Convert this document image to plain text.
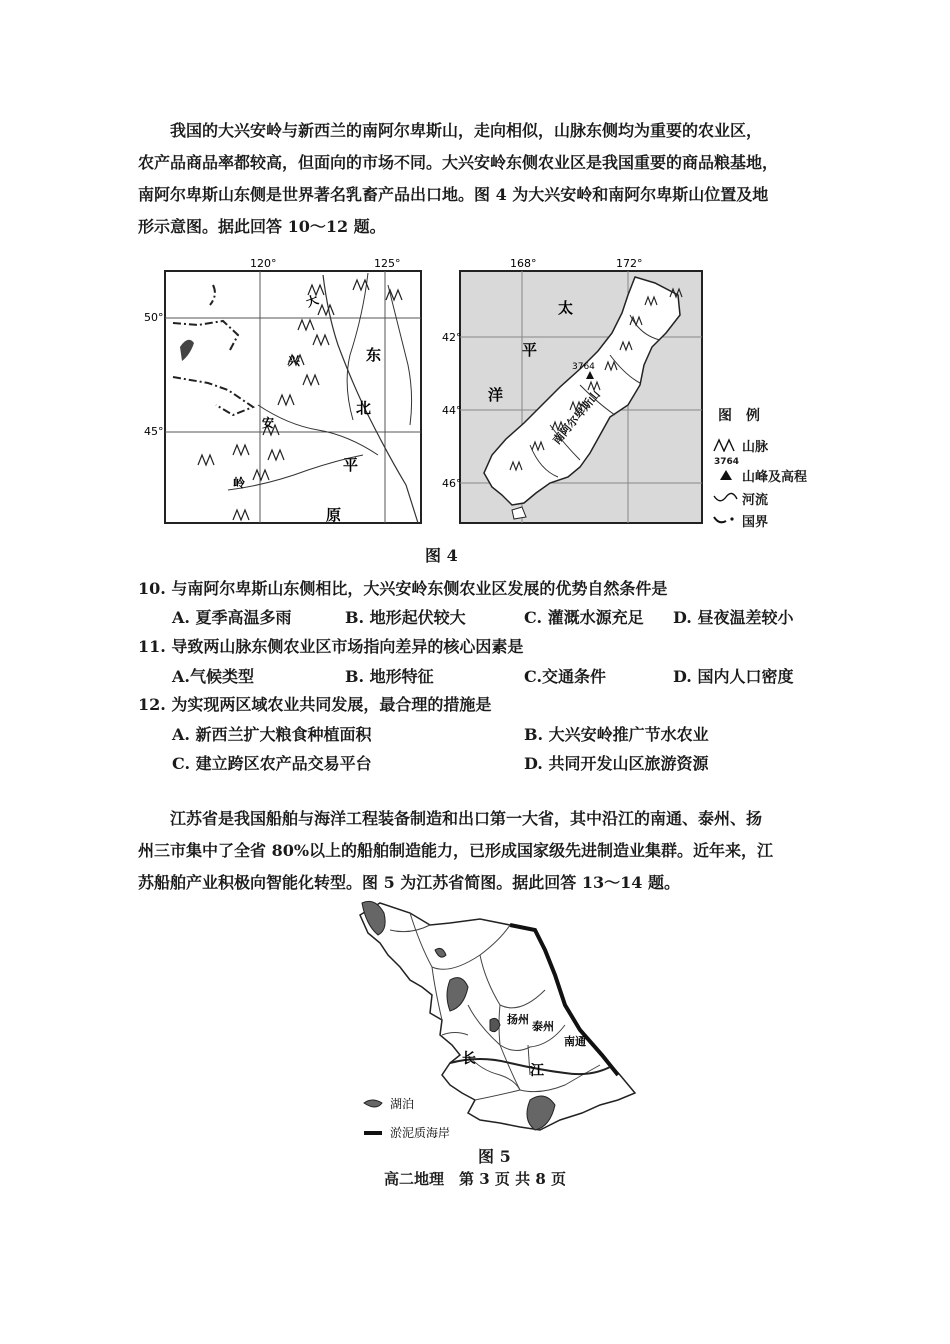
我国的大兴安岭与新西兰的南阿尔卑斯山，走向相似，山脉东侧均为重要的农业区，
农产品商品率都较高，但面向的市场不同。大兴安岭东侧农业区是我国重要的商品粮基地，
南阿尔卑斯山东侧是世界著名乳畜产品出口地。图 4 为大兴安岭和南阿尔卑斯山位置及地
形示意图。据此回答 10～12 题。
120°	125°
50°
45°
大
兴
安
岭
东
北
平
原
168°	172°
42°
44°
46°
3764
南阿尔卑斯山
太
平
洋
图　例
山脉
3764
山峰及高程
河流
国界
图 4
10. 与南阿尔卑斯山东侧相比，大兴安岭东侧农业区发展的优势自然条件是
A. 夏季高温多雨	B. 地形起伏较大	C. 灌溉水源充足 D. 昼夜温差较小
11. 导致两山脉东侧农业区市场指向差异的核心因素是
A.气候类型	B. 地形特征	C.交通条件	D. 国内人口密度
12. 为实现两区域农业共同发展，最合理的措施是
A. 新西兰扩大粮食种植面积	B. 大兴安岭推广节水农业
C. 建立跨区农产品交易平台	D. 共同开发山区旅游资源
江苏省是我国船舶与海洋工程装备制造和出口第一大省，其中沿江的南通、泰州、扬
州三市集中了全省 80%以上的船舶制造能力，已形成国家级先进制造业集群。近年来，江
苏船舶产业积极向智能化转型。图 5 为江苏省简图。据此回答 13～14 题。
扬州
泰州
南通
长
江
湖泊
淤泥质海岸
图 5
高二地理　第 3 页 共 8 页
